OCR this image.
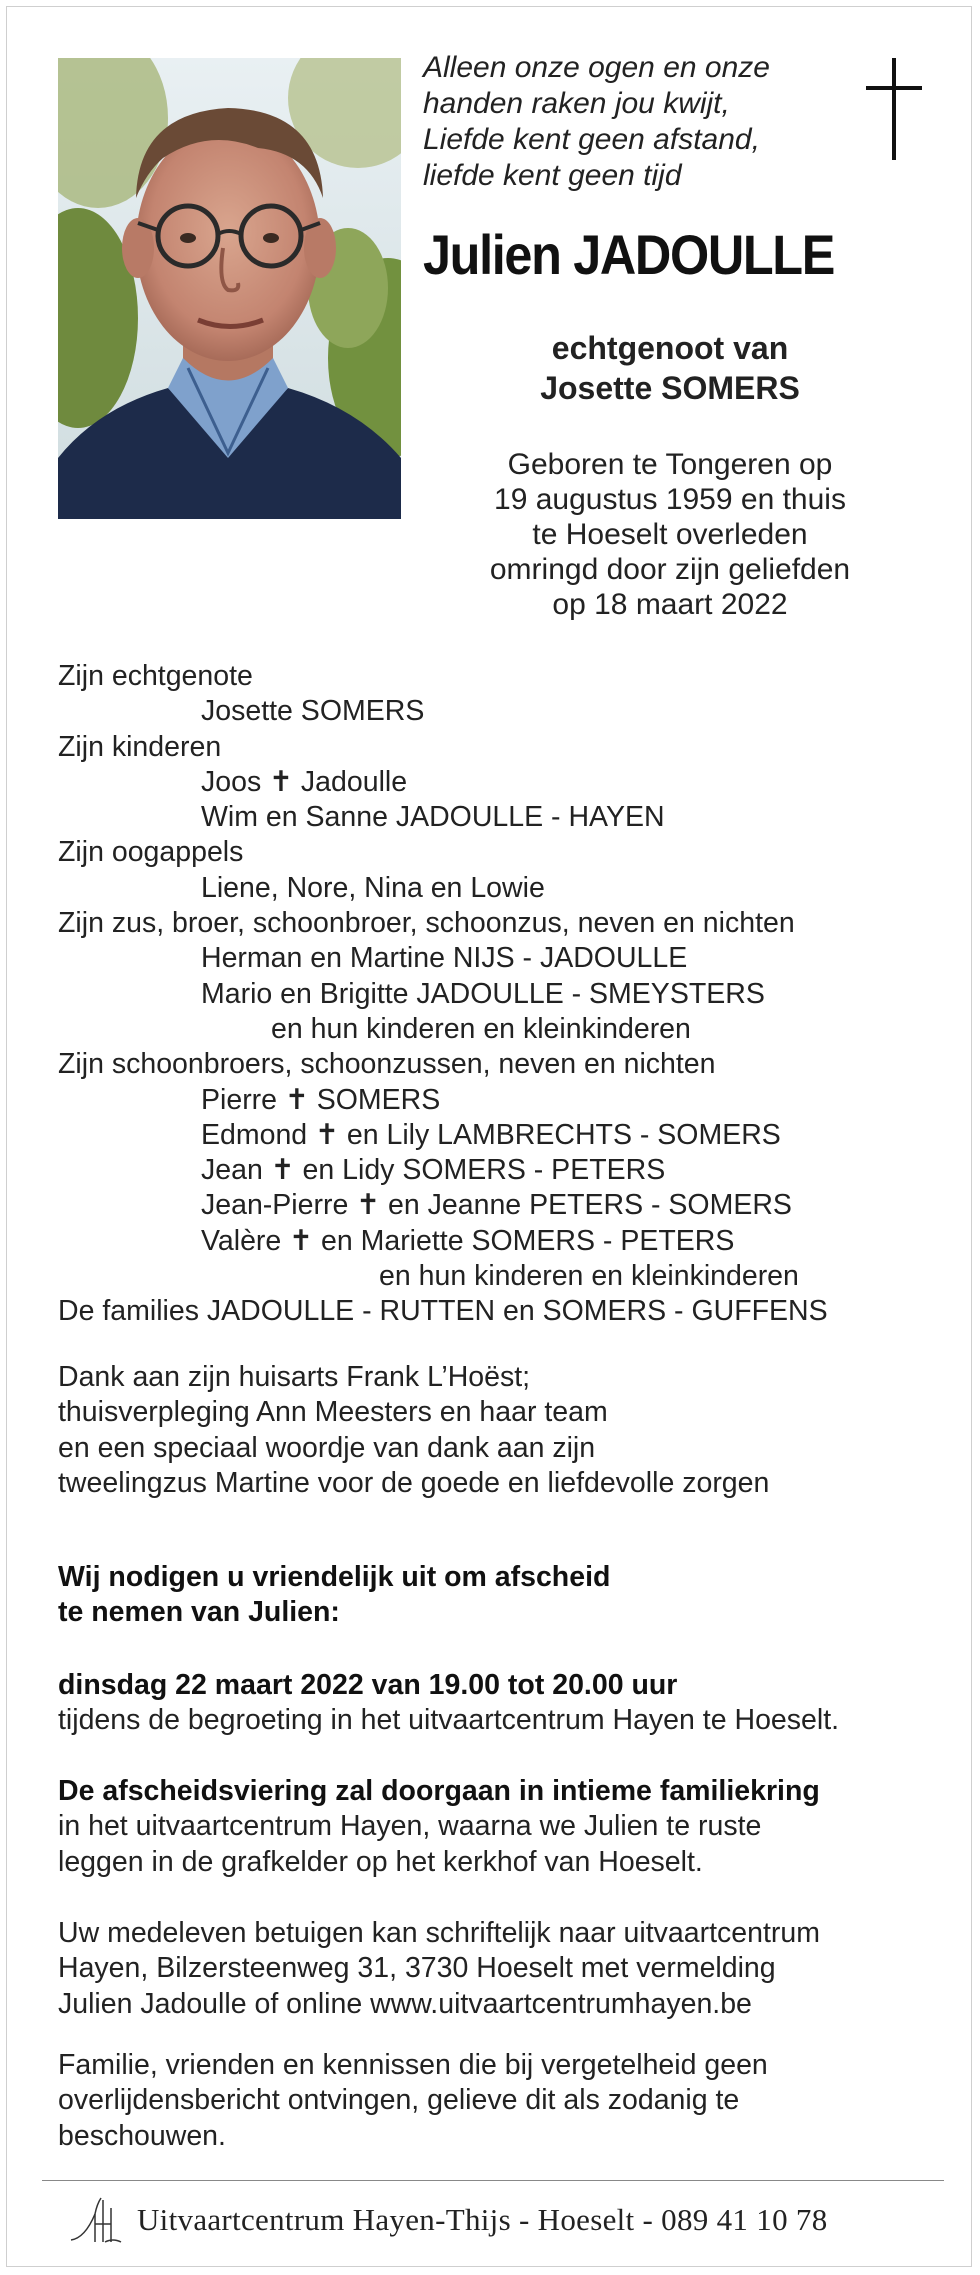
Alleen onze ogen en onze
handen raken jou kwijt,
Liefde kent geen afstand,
liefde kent geen tijd
Julien JADOULLE
echtgenoot van
Josette SOMERS
Geboren te Tongeren op
19 augustus 1959 en thuis
te Hoeselt overleden
omringd door zijn geliefden
op 18 maart 2022
Zijn echtgenote
Josette SOMERS
Zijn kinderen
Joos ✝ Jadoulle
Wim en Sanne JADOULLE - HAYEN
Zijn oogappels
Liene, Nore, Nina en Lowie
Zijn zus, broer, schoonbroer, schoonzus, neven en nichten
Herman en Martine NIJS - JADOULLE
Mario en Brigitte JADOULLE - SMEYSTERS
en hun kinderen en kleinkinderen
Zijn schoonbroers, schoonzussen, neven en nichten
Pierre ✝ SOMERS
Edmond ✝ en Lily LAMBRECHTS - SOMERS
Jean ✝ en Lidy SOMERS - PETERS
Jean-Pierre ✝ en Jeanne PETERS - SOMERS
Valère ✝ en Mariette SOMERS - PETERS
en hun kinderen en kleinkinderen
De families JADOULLE - RUTTEN en SOMERS - GUFFENS
Dank aan zijn huisarts Frank L’Hoëst;
thuisverpleging Ann Meesters en haar team
en een speciaal woordje van dank aan zijn
tweelingzus Martine voor de goede en liefdevolle zorgen
Wij nodigen u vriendelijk uit om afscheid
te nemen van Julien:
dinsdag 22 maart 2022 van 19.00 tot 20.00 uur
tijdens de begroeting in het uitvaartcentrum Hayen te Hoeselt.
De afscheidsviering zal doorgaan in intieme familiekring
in het uitvaartcentrum Hayen, waarna we Julien te ruste
leggen in de grafkelder op het kerkhof van Hoeselt.
Uw medeleven betuigen kan schriftelijk naar uitvaartcentrum
Hayen, Bilzersteenweg 31, 3730 Hoeselt met vermelding
Julien Jadoulle of online www.uitvaartcentrumhayen.be
Familie, vrienden en kennissen die bij vergetelheid geen
overlijdensbericht ontvingen, gelieve dit als zodanig te
beschouwen.
Uitvaartcentrum Hayen-Thijs - Hoeselt - 089 41 10 78
